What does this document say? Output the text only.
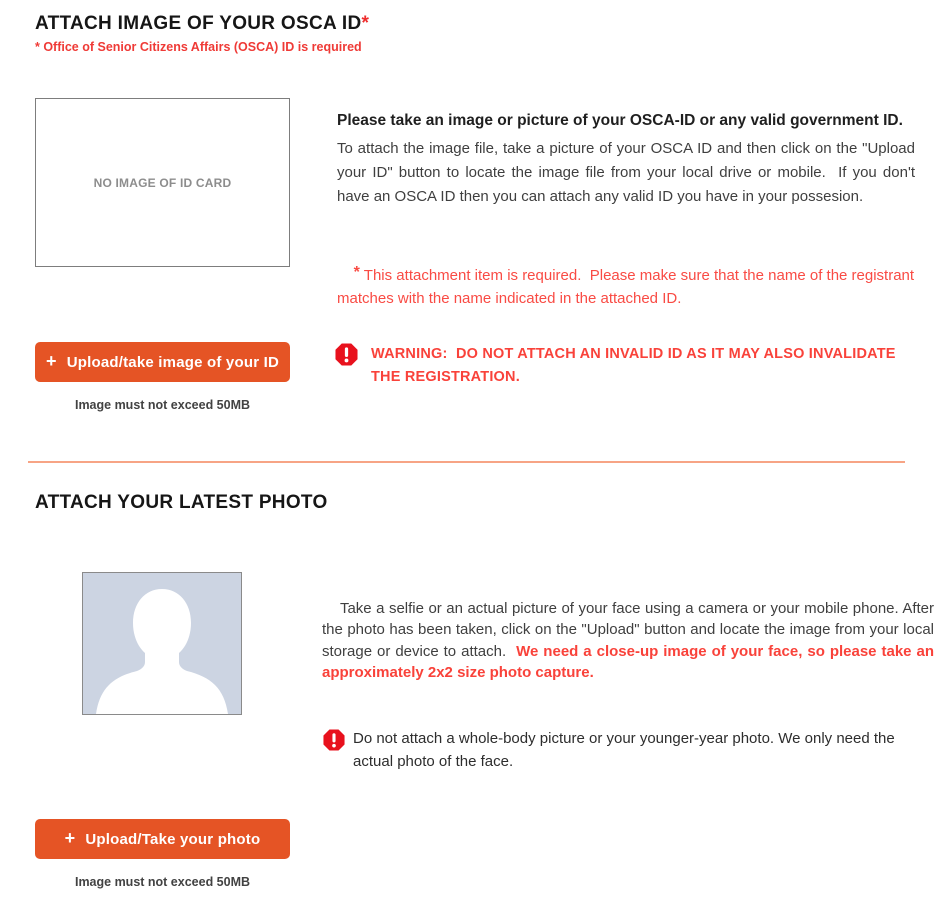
ATTACH IMAGE OF YOUR OSCA ID*
* Office of Senior Citizens Affairs (OSCA) ID is required
NO IMAGE OF ID CARD
Please take an image or picture of your OSCA-ID or any valid government ID.
To attach the image file, take a picture of your OSCA ID and then click on the "Upload your ID" button to locate the image file from your local drive or mobile.  If you don't have an OSCA ID then you can attach any valid ID you have in your possesion.

* This attachment item is required.  Please make sure that the name of the registrant matches with the name indicated in the attached ID.

+ Upload/take image of your ID
Image must not exceed 50MB
WARNING:  DO NOT ATTACH AN INVALID ID AS IT MAY ALSO INVALIDATE THE REGISTRATION.
ATTACH YOUR LATEST PHOTO

Take a selfie or an actual picture of your face using a camera or your mobile phone. After the photo has been taken, click on the "Upload" button and locate the image from your local storage or device to attach.  We need a close-up image of your face, so please take an approximately 2x2 size photo capture.

Do not attach a whole-body picture or your younger-year photo. We only need the actual photo of the face.
+ Upload/Take your photo
Image must not exceed 50MB
